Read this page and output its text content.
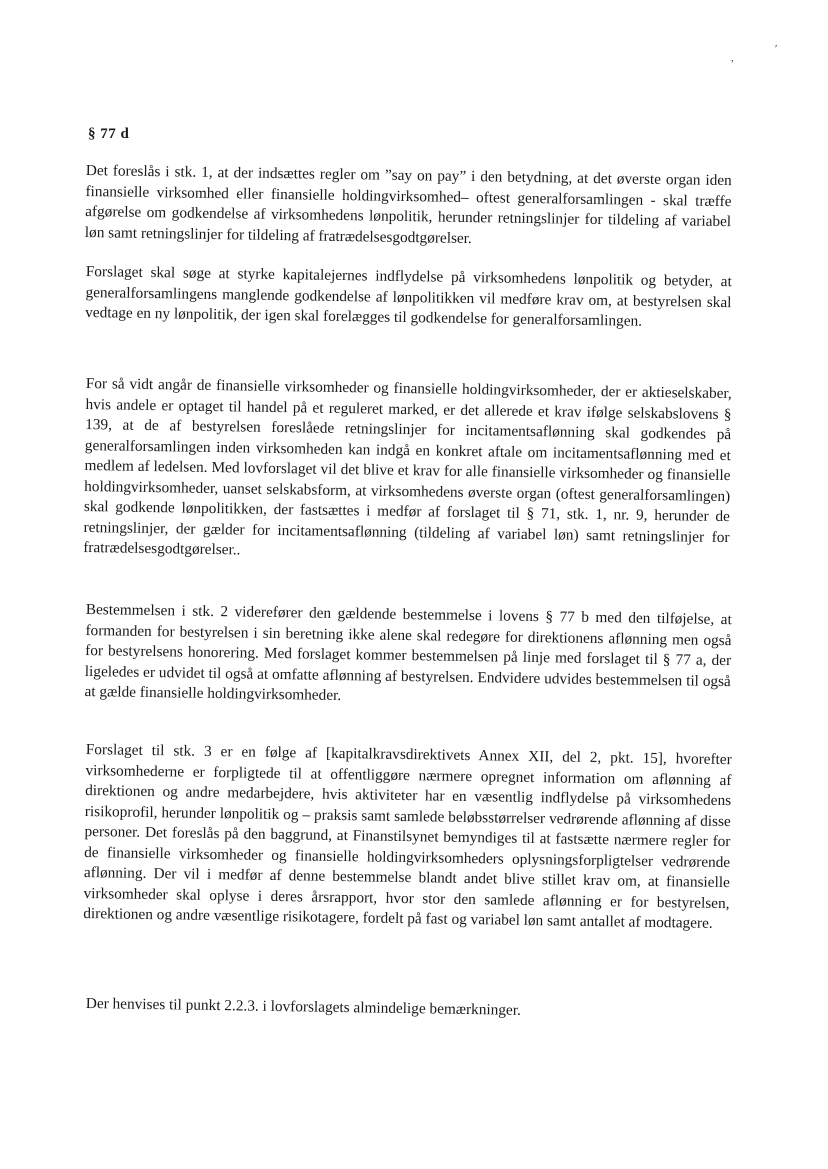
,
ʹ
§ 77 d

Det foreslås i stk. 1, at der indsættes regler om ”say on pay” i den betydning, at det øverste organ iden finansielle virksomhed eller finansielle holdingvirksomhed– oftest generalforsamlingen - skal træffe afgørelse om godkendelse af virksomhedens lønpolitik, herunder retningslinjer for tildeling af variabel løn samt retningslinjer for tildeling af fratrædelsesgodtgørelser.

Forslaget skal søge at styrke kapitalejernes indflydelse på virksomhedens lønpolitik og betyder, at generalforsamlingens manglende godkendelse af lønpolitikken vil medføre krav om, at bestyrelsen skal vedtage en ny lønpolitik, der igen skal forelægges til godkendelse for generalforsamlingen.

For så vidt angår de finansielle virksomheder og finansielle holdingvirksomheder, der er aktieselskaber, hvis andele er optaget til handel på et reguleret marked, er det allerede et krav ifølge selskabslovens § 139, at de af bestyrelsen foreslåede retningslinjer for incitamentsaflønning skal godkendes på generalforsamlingen inden virksomheden kan indgå en konkret aftale om incitamentsaflønning med et medlem af ledelsen. Med lovforslaget vil det blive et krav for alle finansielle virksomheder og finansielle holdingvirksomheder, uanset selskabsform, at virksomhedens øverste organ (oftest generalforsamlingen) skal godkende lønpolitikken, der fastsættes i medfør af forslaget til § 71, stk. 1, nr. 9, herunder de retningslinjer, der gælder for incitamentsaflønning (tildeling af variabel løn) samt retningslinjer for fratrædelsesgodtgørelser..

Bestemmelsen i stk. 2 viderefører den gældende bestemmelse i lovens § 77 b med den tilføjelse, at formanden for bestyrelsen i sin beretning ikke alene skal redegøre for direktionens aflønning men også for bestyrelsens honorering. Med forslaget kommer bestemmelsen på linje med forslaget til § 77 a, der ligeledes er udvidet til også at omfatte aflønning af bestyrelsen. Endvidere udvides bestemmelsen til også at gælde finansielle holdingvirksomheder.

Forslaget til stk. 3 er en følge af [kapitalkravsdirektivets Annex XII, del 2, pkt. 15], hvorefter virksomhederne er forpligtede til at offentliggøre nærmere opregnet information om aflønning af direktionen og andre medarbejdere, hvis aktiviteter har en væsentlig indflydelse på virksomhedens risikoprofil, herunder lønpolitik og – praksis samt samlede beløbsstørrelser vedrørende aflønning af disse personer. Det foreslås på den baggrund, at Finanstilsynet bemyndiges til at fastsætte nærmere regler for de finansielle virksomheder og finansielle holdingvirksomheders oplysningsforpligtelser vedrørende aflønning. Der vil i medfør af denne bestemmelse blandt andet blive stillet krav om, at finansielle virksomheder skal oplyse i deres årsrapport, hvor stor den samlede aflønning er for bestyrelsen, direktionen og andre væsentlige risikotagere, fordelt på fast og variabel løn samt antallet af modtagere.

Der henvises til punkt 2.2.3. i lovforslagets almindelige bemærkninger.
